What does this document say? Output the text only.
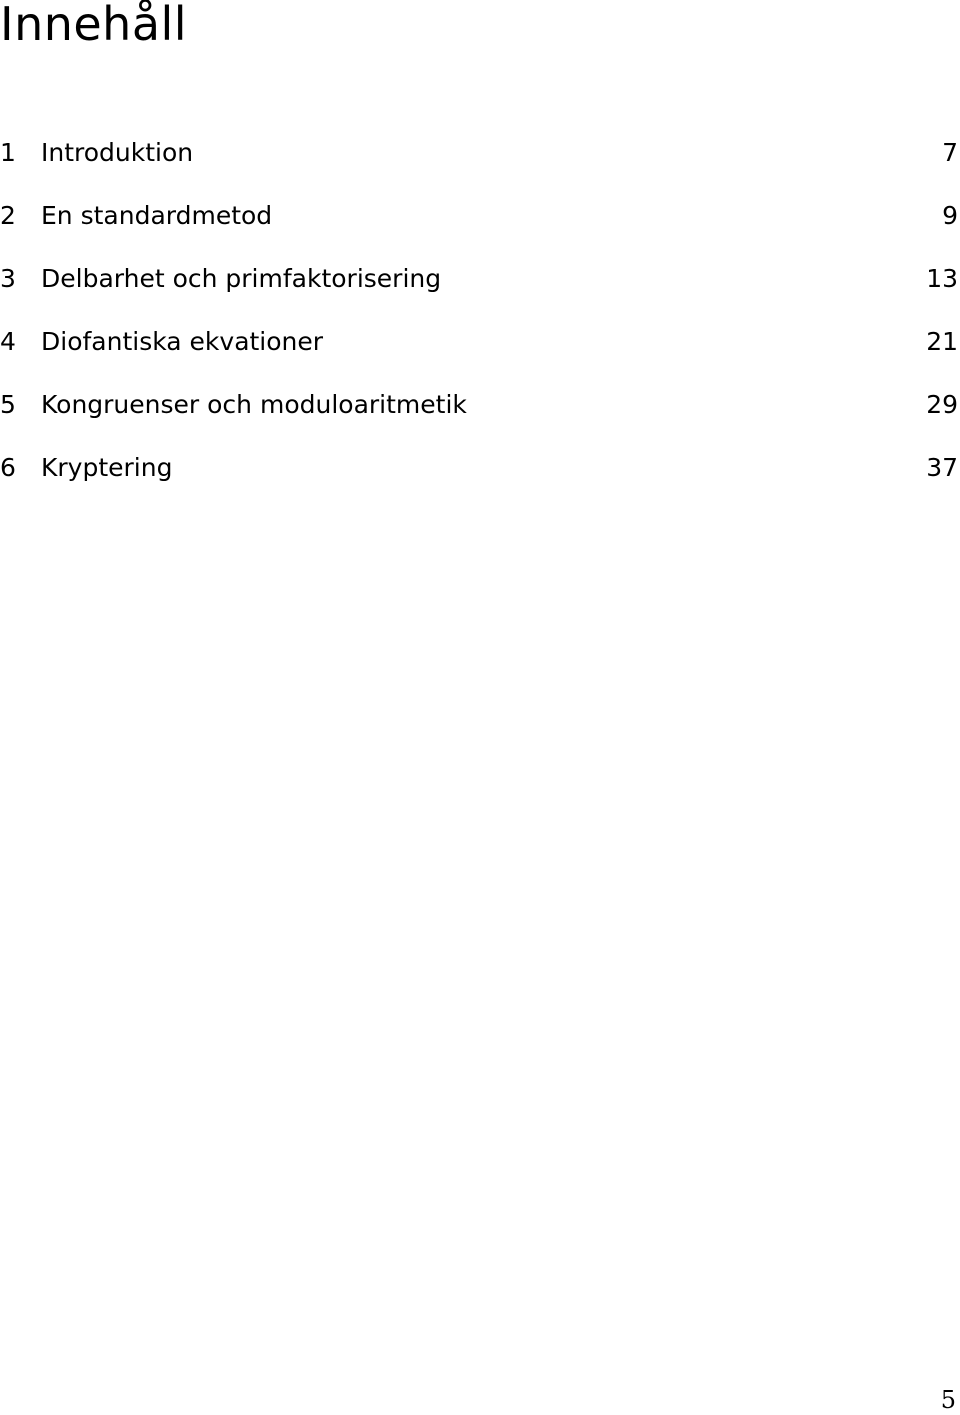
Innehåll
1 Introduktion	7
2 En standardmetod	9
3 Delbarhet och primfaktorisering	13
4 Diofantiska ekvationer	21
5 Kongruenser och moduloaritmetik	29
6 Kryptering	37
5
